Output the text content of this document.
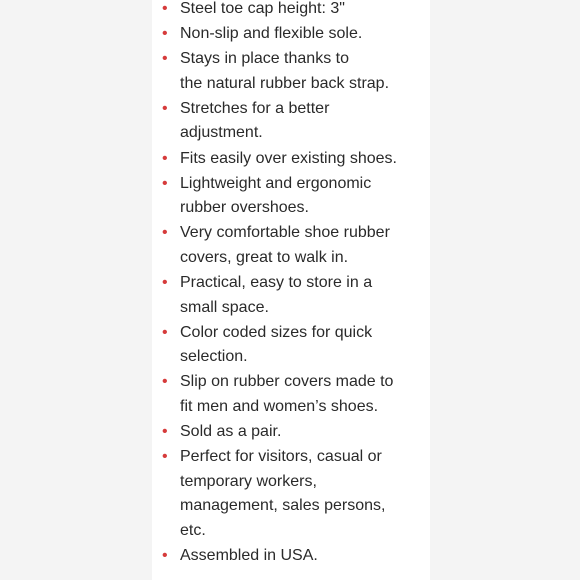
• Steel toe cap height: 3"
• Non-slip and flexible sole.
• Stays in place thanks to
the natural rubber back strap.
• Stretches for a better
adjustment.
• Fits easily over existing shoes.
• Lightweight and ergonomic
rubber overshoes.
• Very comfortable shoe rubber
covers, great to walk in.
• Practical, easy to store in a
small space.
• Color coded sizes for quick
selection.
• Slip on rubber covers made to
fit men and women’s shoes.
• Sold as a pair.
• Perfect for visitors, casual or
temporary workers,
management, sales persons,
etc.
• Assembled in USA.
